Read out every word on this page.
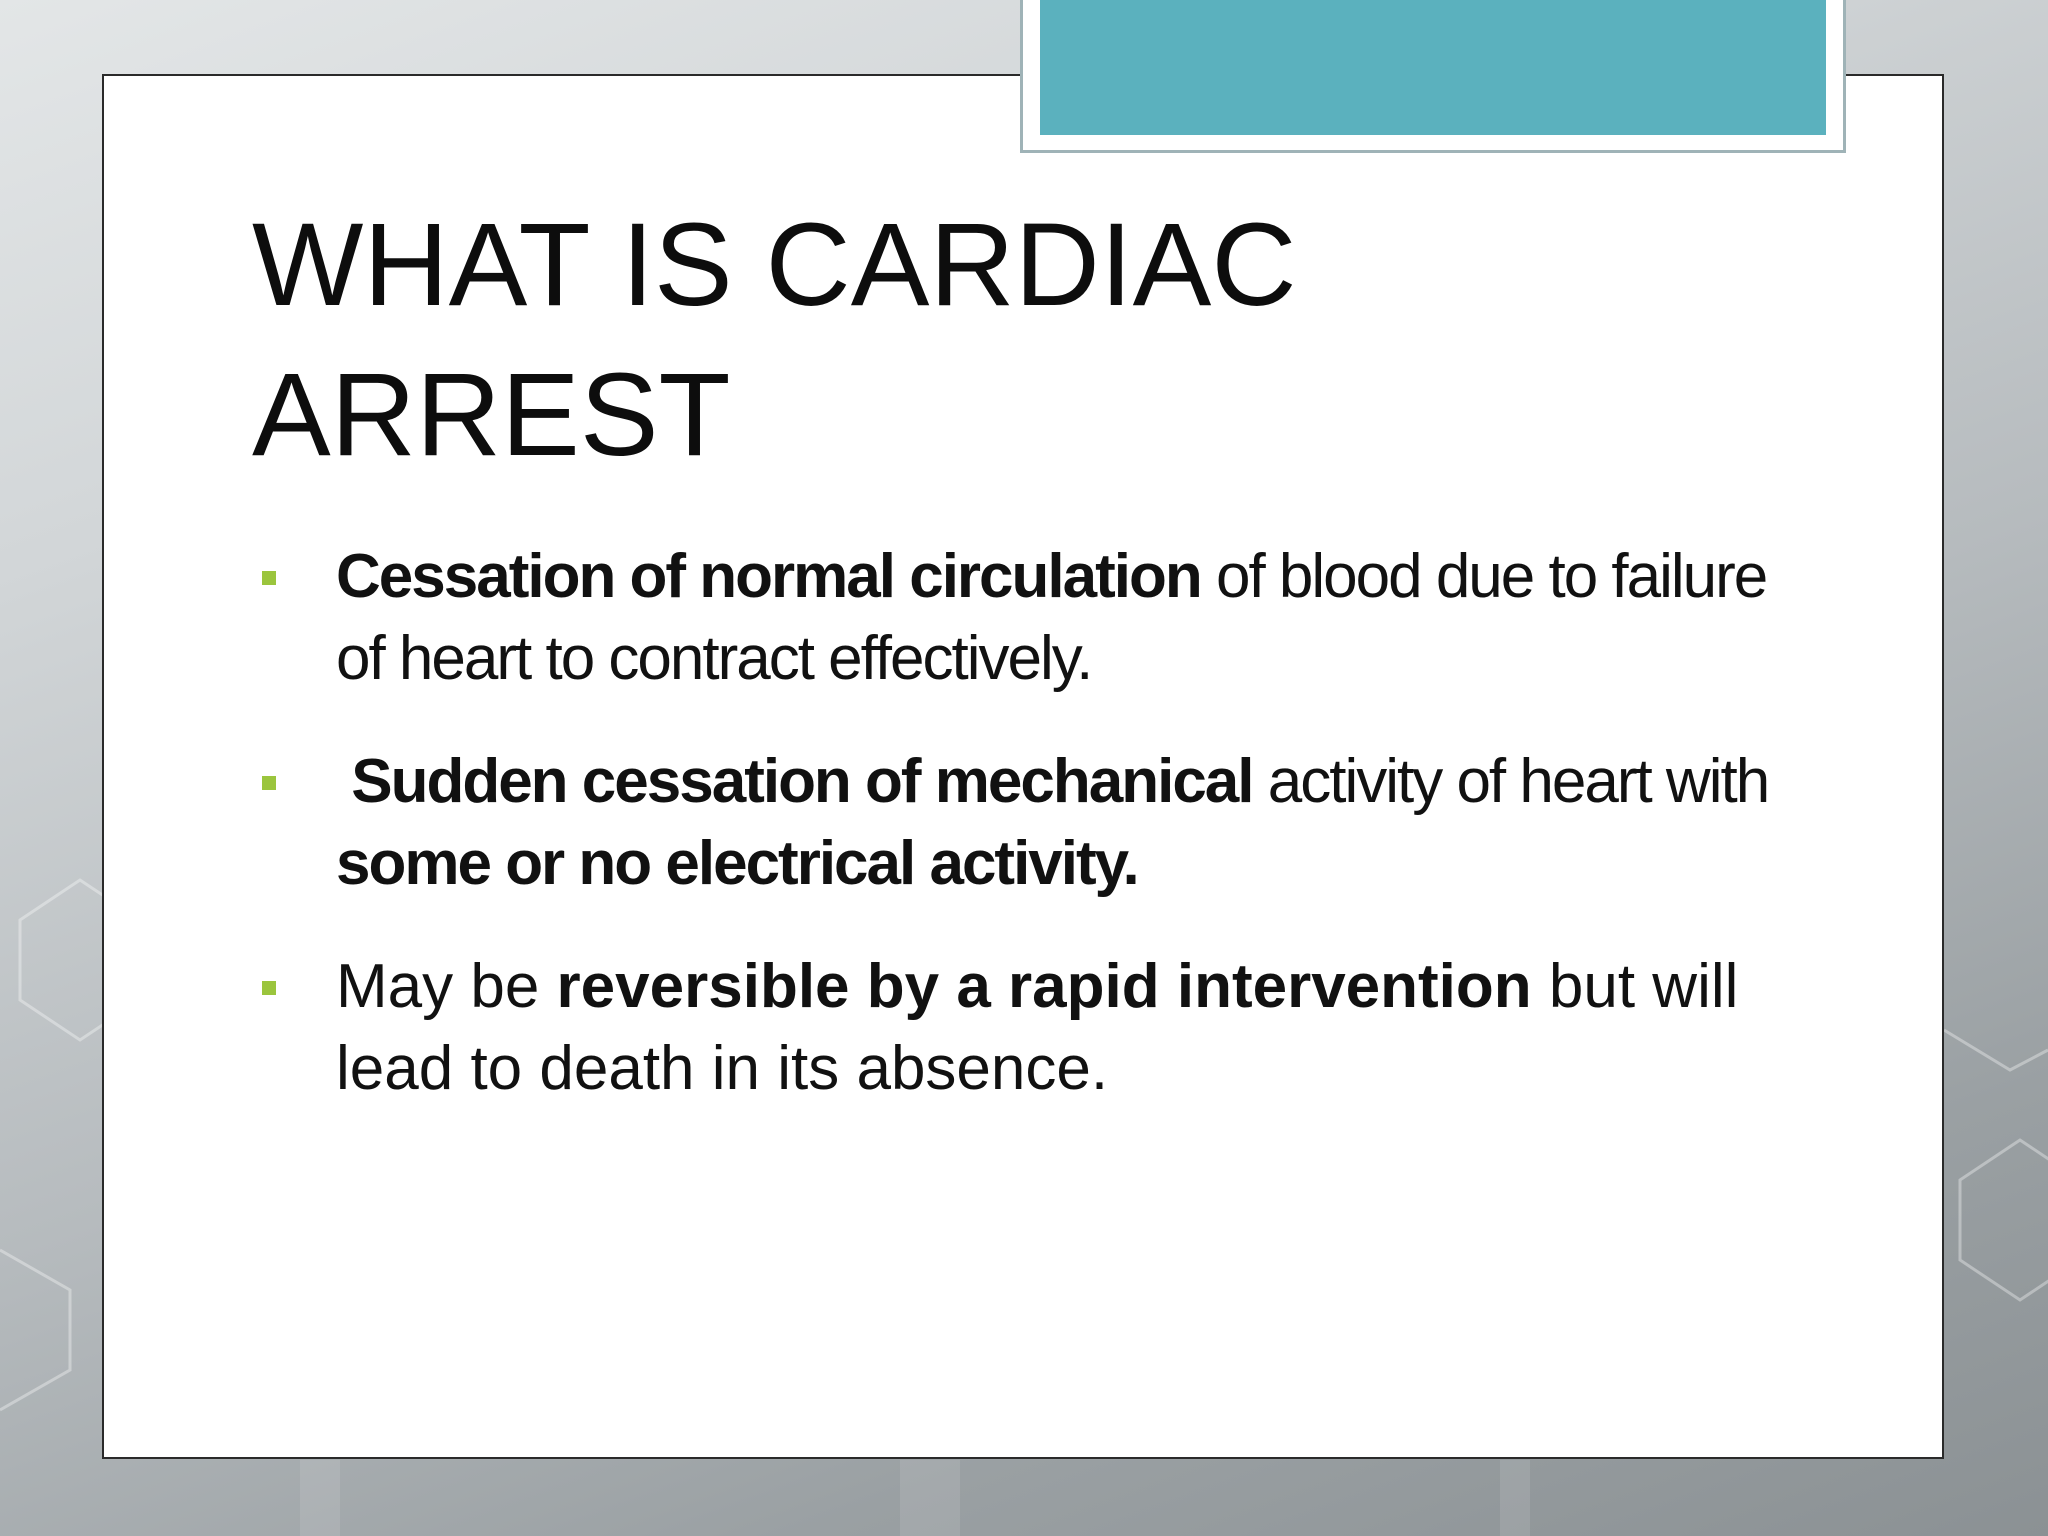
WHAT IS CARDIAC ARREST
Cessation of normal circulation of blood due to failure of heart to contract effectively.
Sudden cessation of mechanical activity of heart with some or no electrical activity.
May be reversible by a rapid intervention but will lead to death in its absence.
